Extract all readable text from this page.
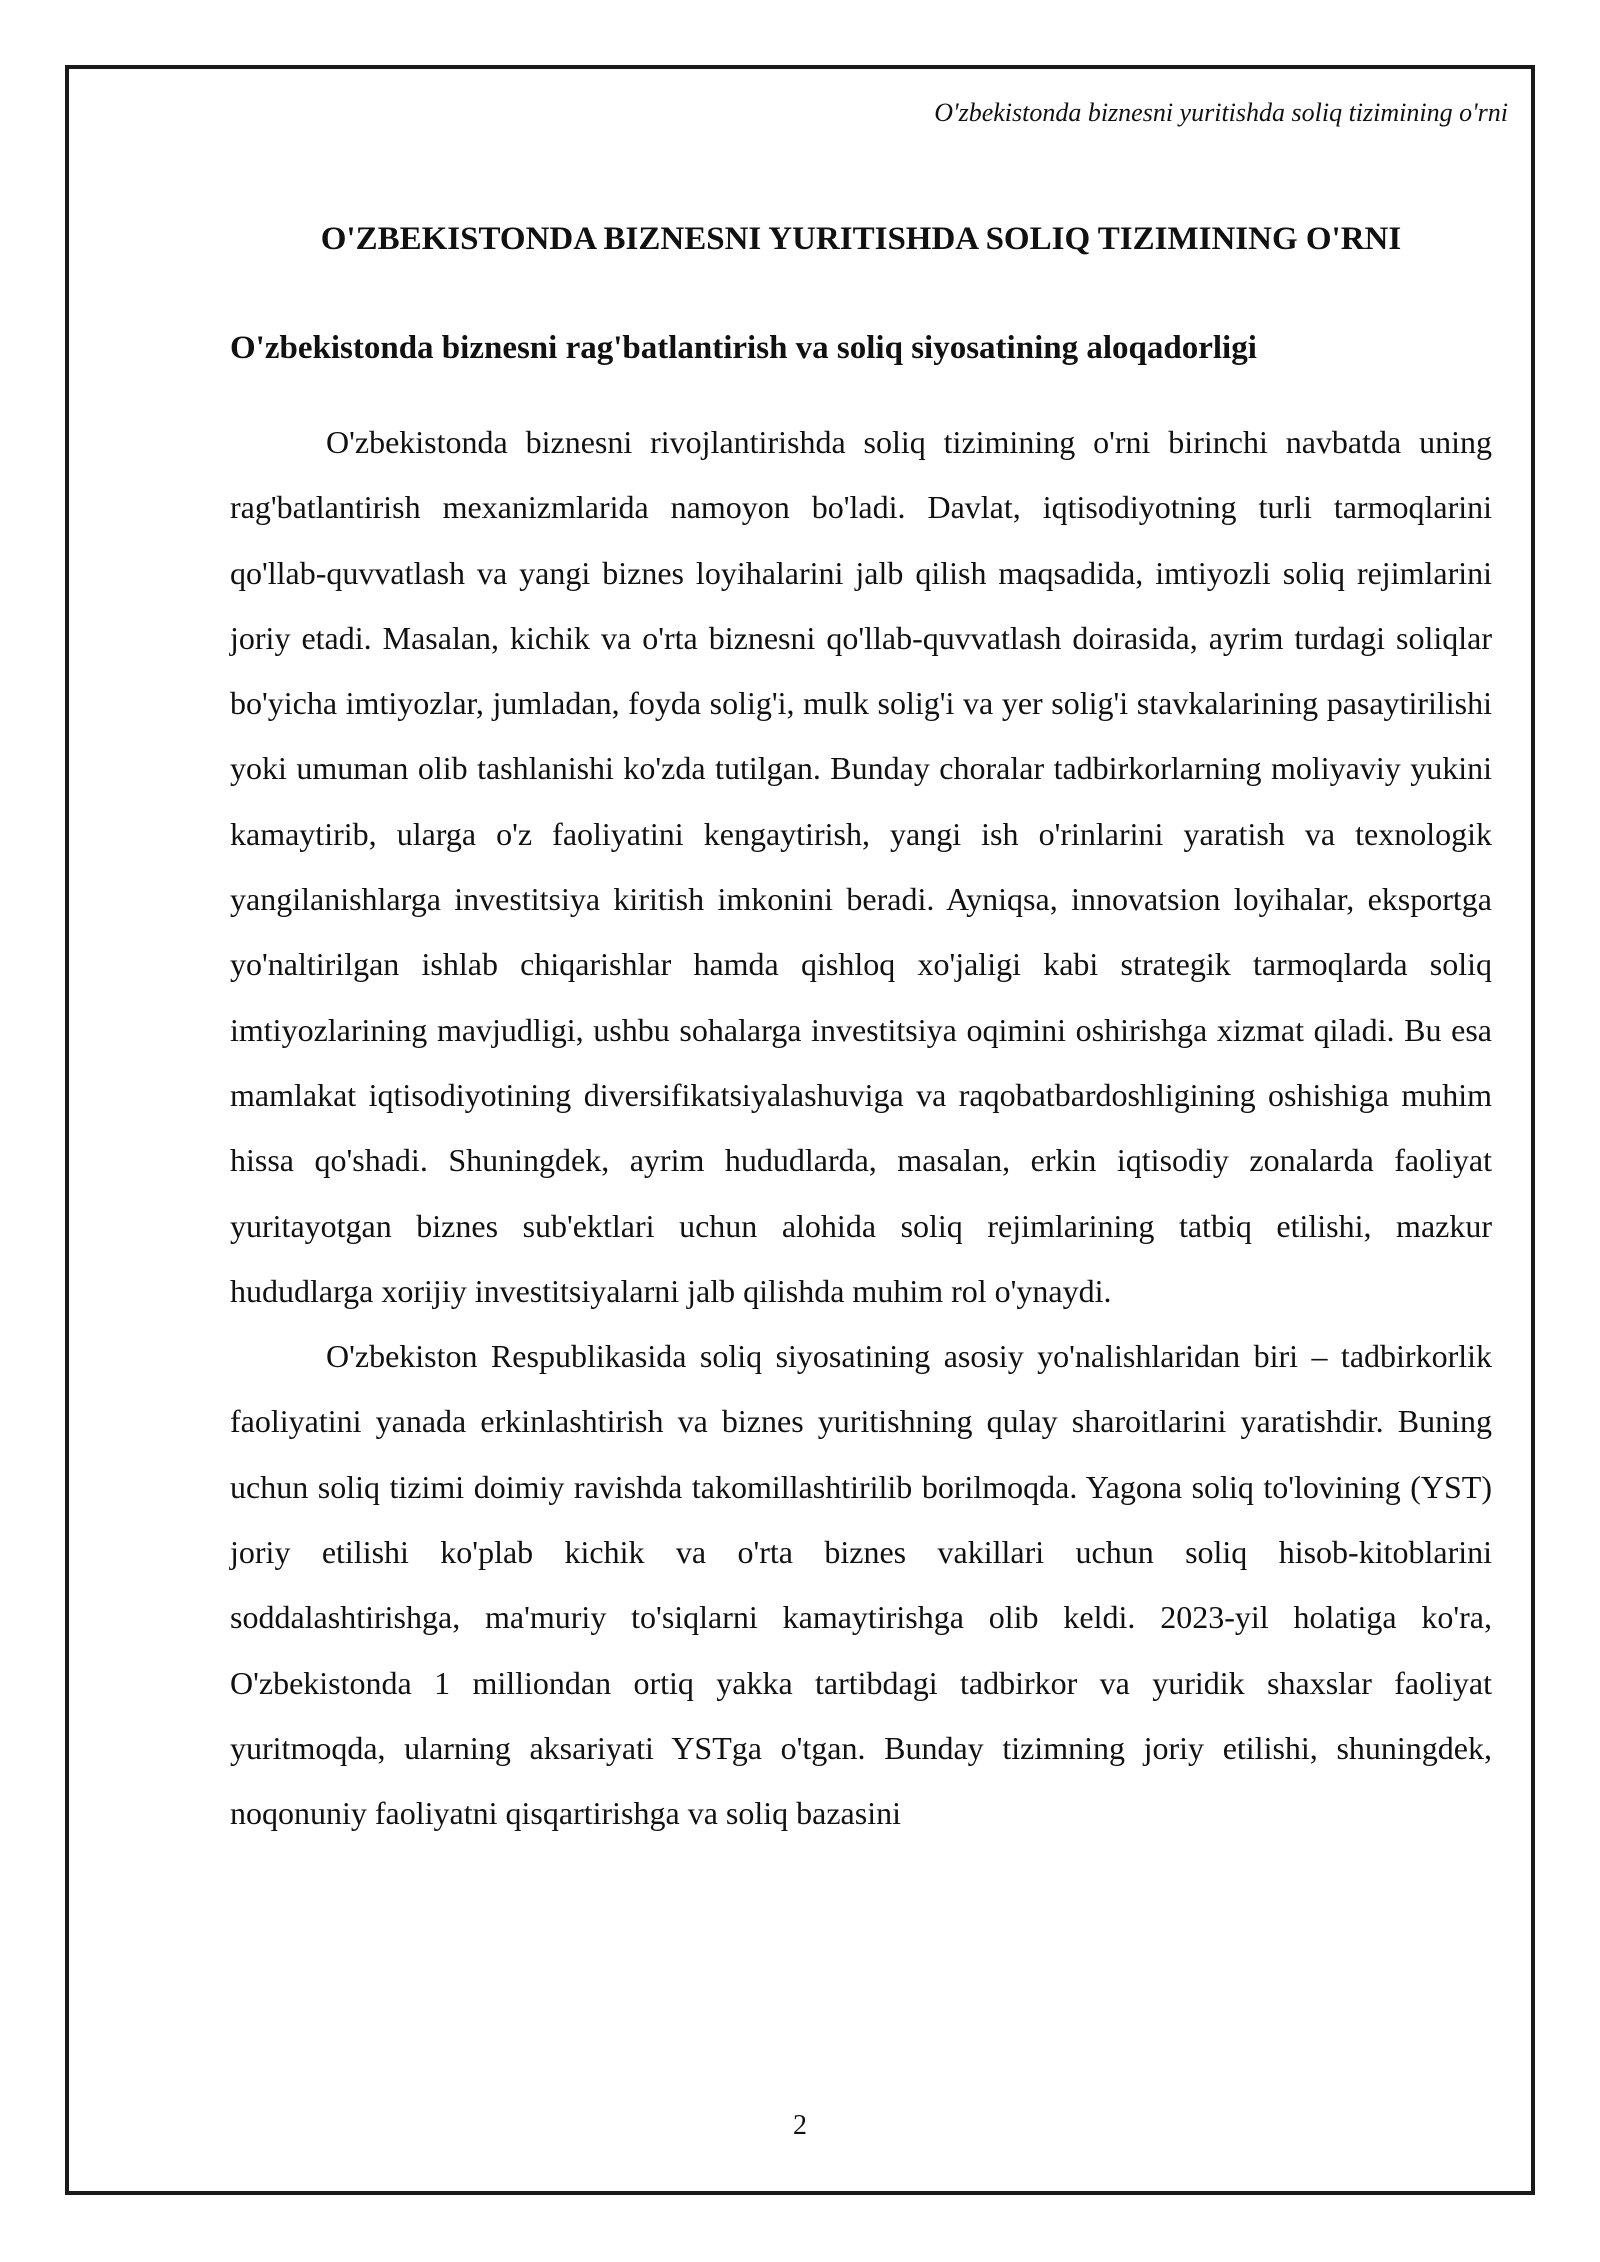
O'zbekistonda biznesni yuritishda soliq tizimining o'rni
O'ZBEKISTONDA BIZNESNI YURITISHDA SOLIQ TIZIMINING O'RNI
O'zbekistonda biznesni rag'batlantirish va soliq siyosatining aloqadorligi

O'zbekistonda biznesni rivojlantirishda soliq tizimining o'rni birinchi navbatda uning rag'batlantirish mexanizmlarida namoyon bo'ladi. Davlat, iqtisodiyotning turli tarmoqlarini qo'llab-quvvatlash va yangi biznes loyihalarini jalb qilish maqsadida, imtiyozli soliq rejimlarini joriy etadi. Masalan, kichik va o'rta biznesni qo'llab-quvvatlash doirasida, ayrim turdagi soliqlar bo'yicha imtiyozlar, jumladan, foyda solig'i, mulk solig'i va yer solig'i stavkalarining pasaytirilishi yoki umuman olib tashlanishi ko'zda tutilgan. Bunday choralar tadbirkorlarning moliyaviy yukini kamaytirib, ularga o'z faoliyatini kengaytirish, yangi ish o'rinlarini yaratish va texnologik yangilanishlarga investitsiya kiritish imkonini beradi. Ayniqsa, innovatsion loyihalar, eksportga yo'naltirilgan ishlab chiqarishlar hamda qishloq xo'jaligi kabi strategik tarmoqlarda soliq imtiyozlarining mavjudligi, ushbu sohalarga investitsiya oqimini oshirishga xizmat qiladi. Bu esa mamlakat iqtisodiyotining diversifikatsiyalashuviga va raqobatbardoshligining oshishiga muhim hissa qo'shadi. Shuningdek, ayrim hududlarda, masalan, erkin iqtisodiy zonalarda faoliyat yuritayotgan biznes sub'ektlari uchun alohida soliq rejimlarining tatbiq etilishi, mazkur hududlarga xorijiy investitsiyalarni jalb qilishda muhim rol o'ynaydi.

O'zbekiston Respublikasida soliq siyosatining asosiy yo'nalishlaridan biri – tadbirkorlik faoliyatini yanada erkinlashtirish va biznes yuritishning qulay sharoitlarini yaratishdir. Buning uchun soliq tizimi doimiy ravishda takomillashtirilib borilmoqda. Yagona soliq to'lovining (YST) joriy etilishi ko'plab kichik va o'rta biznes vakillari uchun soliq hisob-kitoblarini soddalashtirishga, ma'muriy to'siqlarni kamaytirishga olib keldi. 2023-yil holatiga ko'ra, O'zbekistonda 1 milliondan ortiq yakka tartibdagi tadbirkor va yuridik shaxslar faoliyat yuritmoqda, ularning aksariyati YSTga o'tgan. Bunday tizimning joriy etilishi, shuningdek, noqonuniy faoliyatni qisqartirishga va soliq bazasini

2
